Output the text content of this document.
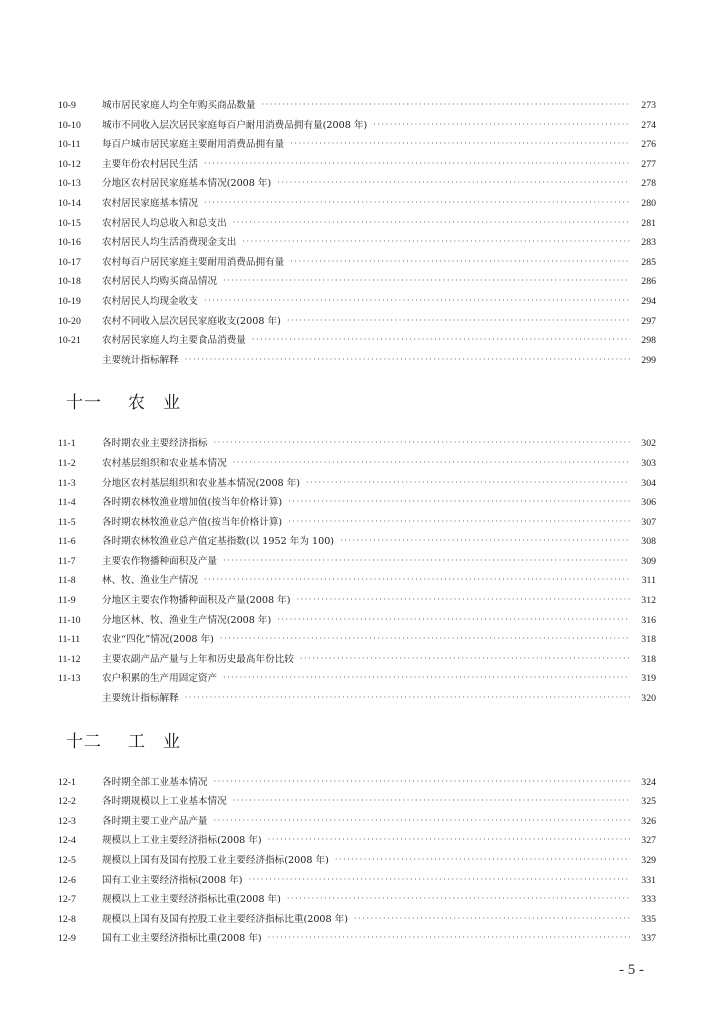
10-9	城市居民家庭人均全年购买商品数量 ·····	273
10-10	城市不同收入层次居民家庭每百户耐用消费品拥有量(2008 年) ·····	274
10-11	每百户城市居民家庭主要耐用消费品拥有量 ·····	276
10-12	主要年份农村居民生活 ·····	277
10-13	分地区农村居民家庭基本情况(2008 年) ·····	278
10-14	农村居民家庭基本情况 ·····	280
10-15	农村居民人均总收入和总支出 ·····	281
10-16	农村居民人均生活消费现金支出 ·····	283
10-17	农村每百户居民家庭主要耐用消费品拥有量 ·····	285
10-18	农村居民人均购买商品情况 ·····	286
10-19	农村居民人均现金收支 ·····	294
10-20	农村不同收入层次居民家庭收支(2008 年) ·····	297
10-21	农村居民家庭人均主要食品消费量 ·····	298
主要统计指标解释 ·····	299
十一 农业
11-1	各时期农业主要经济指标 ·····	302
11-2	农村基层组织和农业基本情况 ·····	303
11-3	分地区农村基层组织和农业基本情况(2008 年) ·····	304
11-4	各时期农林牧渔业增加值(按当年价格计算) ·····	306
11-5	各时期农林牧渔业总产值(按当年价格计算) ·····	307
11-6	各时期农林牧渔业总产值定基指数(以 1952 年为 100) ·····	308
11-7	主要农作物播种面积及产量 ·····	309
11-8	林、牧、渔业生产情况 ·····	311
11-9	分地区主要农作物播种面积及产量(2008 年) ·····	312
11-10	分地区林、牧、渔业生产情况(2008 年) ·····	316
11-11	农业“四化”情况(2008 年) ·····	318
11-12	主要农副产品产量与上年和历史最高年份比较 ·····	318
11-13	农户积累的生产用固定资产 ·····	319
主要统计指标解释 ·····	320
十二 工业
12-1	各时期全部工业基本情况 ·····	324
12-2	各时期规模以上工业基本情况 ·····	325
12-3	各时期主要工业产品产量 ·····	326
12-4	规模以上工业主要经济指标(2008 年) ·····	327
12-5	规模以上国有及国有控股工业主要经济指标(2008 年) ·····	329
12-6	国有工业主要经济指标(2008 年) ·····	331
12-7	规模以上工业主要经济指标比重(2008 年) ·····	333
12-8	规模以上国有及国有控股工业主要经济指标比重(2008 年) ·····	335
12-9	国有工业主要经济指标比重(2008 年) ·····	337
- 5 -
